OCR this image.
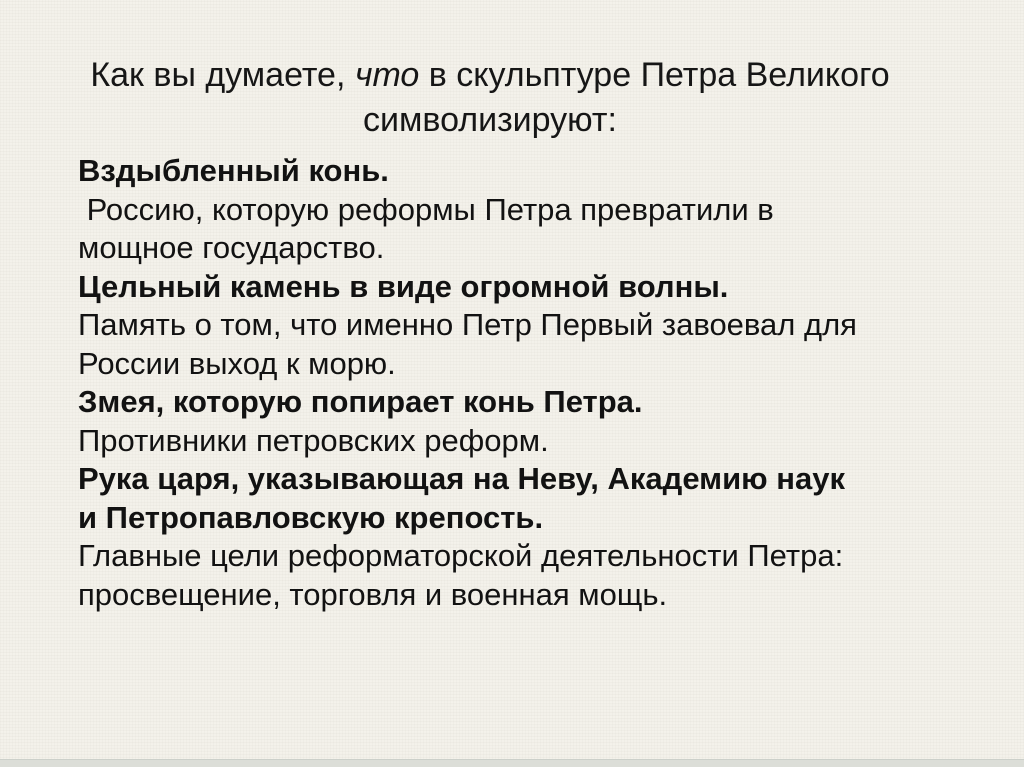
Как вы думаете, что в скульптуре Петра Великого
символизируют:
Вздыбленный конь.
Россию, которую реформы Петра превратили в
мощное государство.
Цельный камень в виде огромной волны.
Память о том, что именно Петр Первый завоевал для
России выход к морю.
Змея, которую попирает конь Петра.
Противники петровских реформ.
Рука царя, указывающая на Неву, Академию наук
и Петропавловскую крепость.
Главные цели реформаторской деятельности Петра:
просвещение, торговля и военная мощь.
